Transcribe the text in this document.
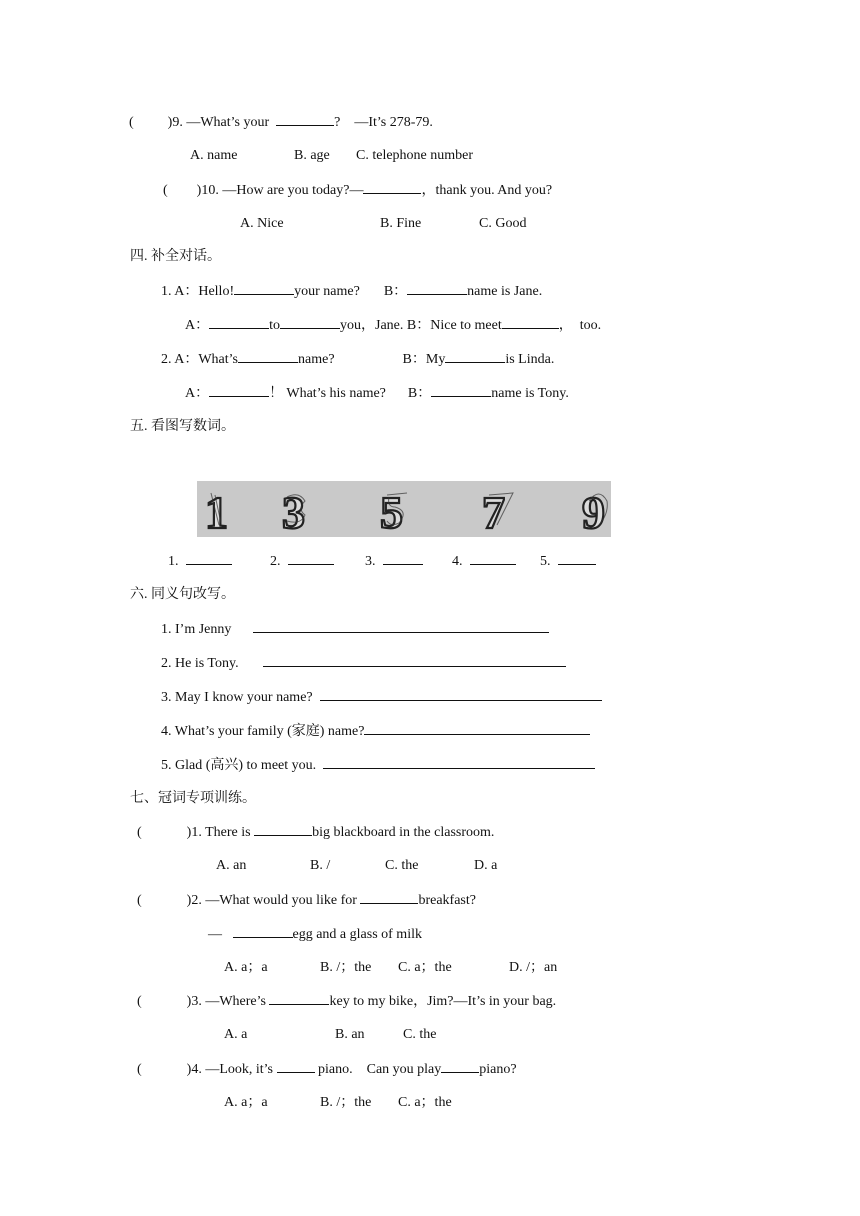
( )9. —What’s your	?    —It’s 278-79.
A. name	B. age C. telephone number
( )10. —How are you today?—	，thank you. And you?
A. Nice	B. Fine	C. Good
四. 补全对话。
1. A：Hello!	your name? B：	name is Jane.
A：	to	you，Jane. B：Nice to meet	，  too.
2. A：What’s	name?	B：My	is Linda.
A：	！ What’s his name? B：	name is Tony.
五. 看图写数词。
1 3 5 7 9
1.	2.	3.	4.	5.
六. 同义句改写。
1. I’m Jenny
2. He is Tony.
3. May I know your name?
4. What’s your family (家庭) name?
5. Glad (高兴) to meet you.
七、冠词专项训练。
(	)1. There is	big blackboard in the classroom.
A. an	B. /	C. the	D. a
(	)2. —What would you like for	breakfast?
—	egg and a glass of milk
A. a；a	B. /；the C. a；the	D. /；an
(	)3. —Where’s	key to my bike，Jim?—It’s in your bag.
A. a	B. an	C. the
(	)4. —Look, it’s	piano.    Can you play	piano?
A. a；a	B. /；the C. a；the
